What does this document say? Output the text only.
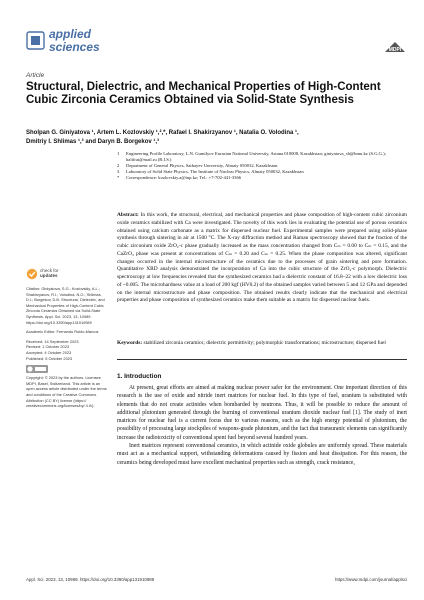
applied
sciences	MDPI
Article
Structural, Dielectric, and Mechanical Properties of High-Content Cubic Zirconia Ceramics Obtained via Solid-State Synthesis
Sholpan G. Giniyatova ¹, Artem L. Kozlovskiy ¹,²,*, Rafael I. Shakirzyanov ¹, Natalia O. Volodina ¹,
Dmitriy I. Shlimas ¹,³ and Daryn B. Borgekov ¹,³
1	Engineering Profile Laboratory, L.N. Gumilyov Eurasian National University, Astana 010008, Kazakhstan; giniyatova_sh@bmu.kz (S.G.G.); halifrai@mail.ru (R.I.S.)
2	Department of General Physics, Satbayev University, Almaty 050032, Kazakhstan
3	Laboratory of Solid State Physics, The Institute of Nuclear Physics, Almaty 050032, Kazakhstan
*	Correspondence: kozlovskiy.a@inp.kz; Tel.: +7-702-441-3366
Abstract: In this work, the structural, electrical, and mechanical properties and phase composition of high-content cubic zirconium oxide ceramics stabilized with Ca were investigated. The novelty of this work lies in evaluating the potential use of porous ceramics obtained using calcium carbonate as a matrix for dispersed nuclear fuel. Experimental samples were prepared using solid-phase synthesis through sintering in air at 1500 °C. The X-ray diffraction method and Raman spectroscopy showed that the fraction of the cubic zirconium oxide ZrO₂-c phase gradually increased as the mass concentration changed from Cₘ = 0.00 to Cₘ = 0.15, and the CaZrO₃ phase was present at concentrations of Cₘ = 0.20 and Cₘ = 0.25. When the phase composition was altered, significant changes occurred in the internal microstructure of the ceramics due to the processes of grain sintering and pore formation. Quantitative XRD analysis demonstrated the incorporation of Ca into the cubic structure of the ZrO₂-c polymorph. Dielectric spectroscopy at low frequencies revealed that the synthesized ceramics had a dielectric constant of 16.8–22 with a low dielectric loss of ~0.005. The microhardness value at a load of 200 kgf (HV0.2) of the obtained samples varied between 5 and 12 GPa and depended on the internal microstructure and phase composition. The obtained results clearly indicate that the mechanical and electrical properties and phase composition of synthesized ceramics make them suitable as a matrix for dispersed nuclear fuels.
Keywords: stabilized zirconia ceramics; dielectric permittivity; polymorphic transformations; microstructure; dispersed fuel
check for
updates
Citation: Giniyatova, S.G.; Kozlovskiy, A.L.; Shakirzyanov, R.I.; Volodina, N.O.; Shlimas, D.I.; Borgekov, D.B. Structural, Dielectric, and Mechanical Properties of High-Content Cubic Zirconia Ceramics Obtained via Solid-State Synthesis. Appl. Sci. 2023, 13, 10989. https://doi.org/10.3390/app131910989
Academic Editor: Fernando Rubio-Marcos
Received: 14 September 2023
Revised: 1 October 2023
Accepted: 4 October 2023
Published: 5 October 2023
Copyright: © 2023 by the authors. Licensee MDPI, Basel, Switzerland. This article is an open access article distributed under the terms and conditions of the Creative Commons Attribution (CC BY) license (https:// creativecommons.org/licenses/by/ 4.0/).
1. Introduction

At present, great efforts are aimed at making nuclear power safer for the environment. One important direction of this research is the use of oxide and nitride inert matrices for nuclear fuel. In this type of fuel, uranium is substituted with elements that do not create actinides when bombarded by neutrons. Thus, it will be possible to reduce the amount of additional plutonium generated through the burning of conventional uranium dioxide nuclear fuel [1]. The study of inert matrices for nuclear fuel is a current focus due to various reasons, such as the high energy potential of plutonium, the possibility of processing large stockpiles of weapons-grade plutonium, and the fact that transuranic elements can significantly increase the radiotoxicity of conventional spent fuel beyond several hundred years.

Inert matrices represent conventional ceramics, in which actinide oxide globules are uniformly spread. These materials must act as a mechanical support, withstanding deformations caused by fission and heat dissipation. For this reason, the ceramics being developed must have excellent mechanical properties such as strength, crack resistance,

Appl. Sci. 2023, 13, 10989. https://doi.org/10.3390/app131910989	https://www.mdpi.com/journal/applsci
